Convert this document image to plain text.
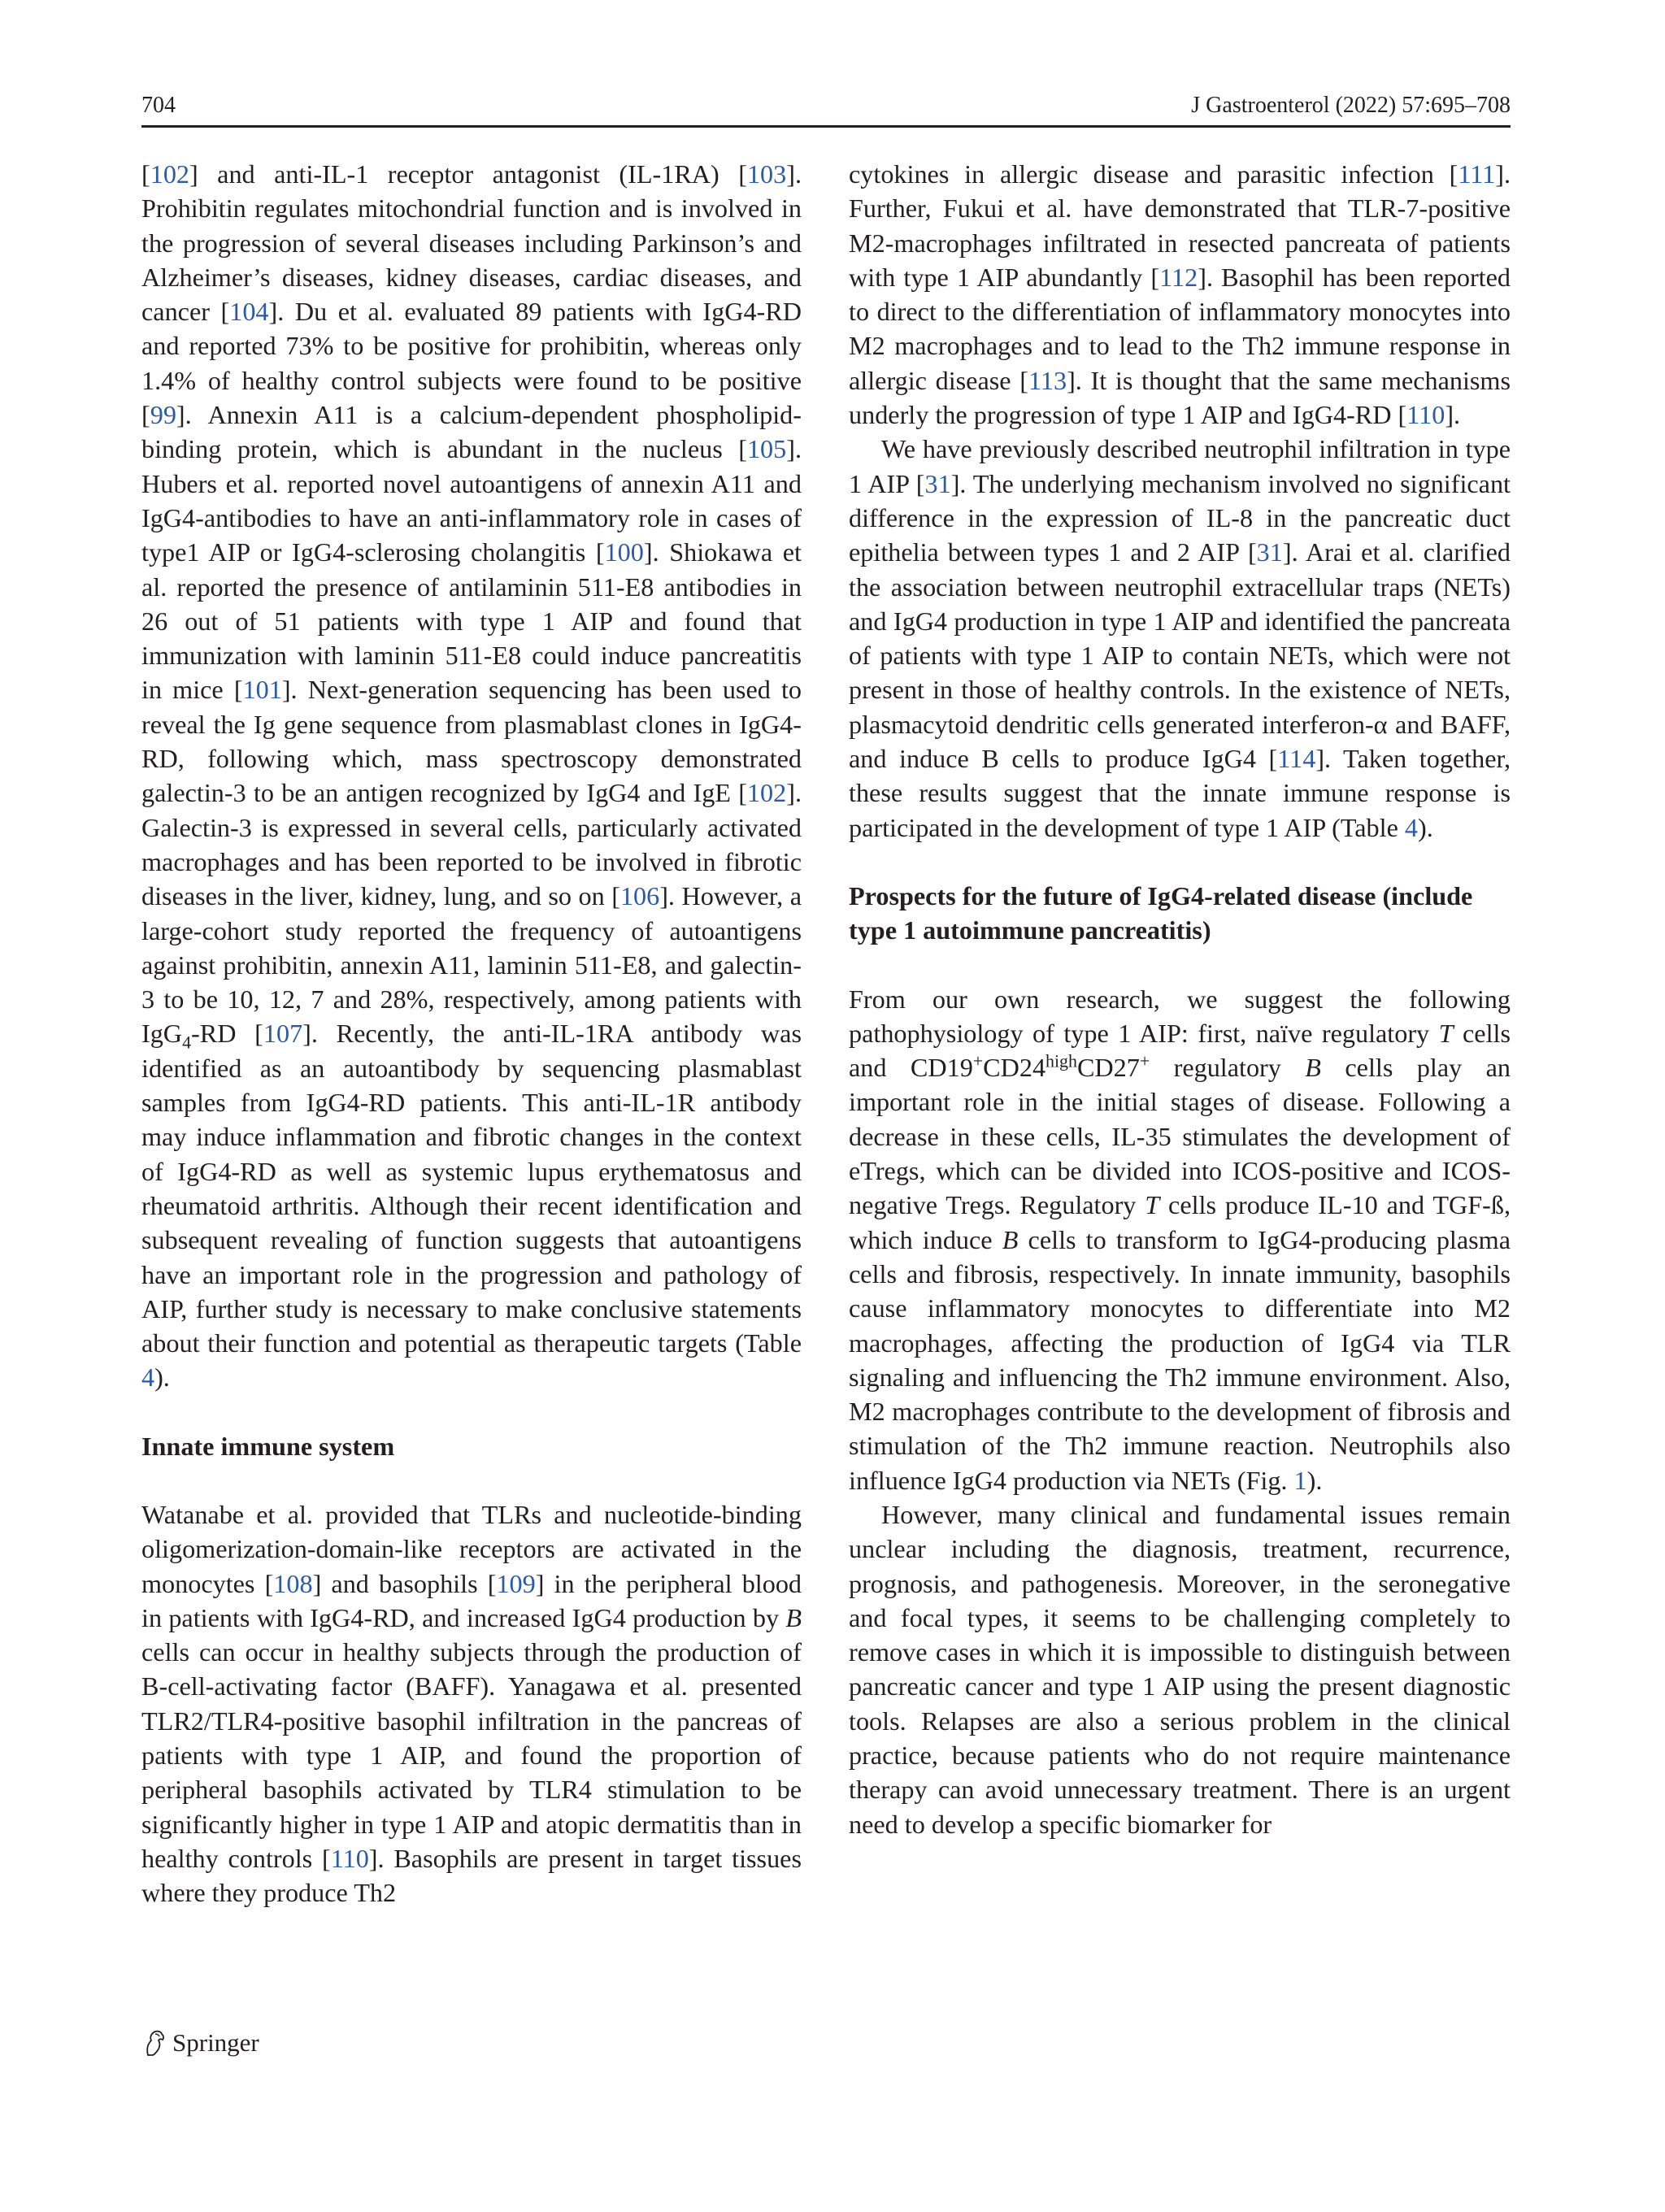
704	J Gastroenterol (2022) 57:695–708

[102] and anti-IL-1 receptor antagonist (IL-1RA) [103]. Prohibitin regulates mitochondrial function and is involved in the progression of several diseases including Parkinson’s and Alzheimer’s diseases, kidney diseases, cardiac diseases, and cancer [104]. Du et al. evaluated 89 patients with IgG4-RD and reported 73% to be positive for prohibitin, whereas only 1.4% of healthy control subjects were found to be positive [99]. Annexin A11 is a calcium-dependent phospholipid-binding protein, which is abundant in the nucleus [105]. Hubers et al. reported novel autoantigens of annexin A11 and IgG4-antibodies to have an anti-inflammatory role in cases of type1 AIP or IgG4-sclerosing cholangitis [100]. Shiokawa et al. reported the presence of antilaminin 511-E8 antibodies in 26 out of 51 patients with type 1 AIP and found that immunization with laminin 511-E8 could induce pancreatitis in mice [101]. Next-generation sequencing has been used to reveal the Ig gene sequence from plasmablast clones in IgG4-RD, following which, mass spectroscopy demonstrated galectin-3 to be an antigen recognized by IgG4 and IgE [102]. Galectin-3 is expressed in several cells, particularly activated macrophages and has been reported to be involved in fibrotic diseases in the liver, kidney, lung, and so on [106]. However, a large-cohort study reported the frequency of autoantigens against prohibitin, annexin A11, laminin 511-E8, and galectin-3 to be 10, 12, 7 and 28%, respectively, among patients with IgG$_4$-RD [107]. Recently, the anti-IL-1RA antibody was identified as an autoantibody by sequencing plasmablast samples from IgG4-RD patients. This anti-IL-1R antibody may induce inflammation and fibrotic changes in the context of IgG4-RD as well as systemic lupus erythematosus and rheumatoid arthritis. Although their recent identification and subsequent revealing of function suggests that autoantigens have an important role in the progression and pathology of AIP, further study is necessary to make conclusive statements about their function and potential as therapeutic targets (Table 4).

Innate immune system

Watanabe et al. provided that TLRs and nucleotide-binding oligomerization-domain-like receptors are activated in the monocytes [108] and basophils [109] in the peripheral blood in patients with IgG4-RD, and increased IgG4 production by B cells can occur in healthy subjects through the production of B-cell-activating factor (BAFF). Yanagawa et al. presented TLR2/TLR4-positive basophil infiltration in the pancreas of patients with type 1 AIP, and found the proportion of peripheral basophils activated by TLR4 stimulation to be significantly higher in type 1 AIP and atopic dermatitis than in healthy controls [110]. Basophils are present in target tissues where they produce Th2

cytokines in allergic disease and parasitic infection [111]. Further, Fukui et al. have demonstrated that TLR-7-positive M2-macrophages infiltrated in resected pancreata of patients with type 1 AIP abundantly [112]. Basophil has been reported to direct to the differentiation of inflammatory monocytes into M2 macrophages and to lead to the Th2 immune response in allergic disease [113]. It is thought that the same mechanisms underly the progression of type 1 AIP and IgG4-RD [110].

We have previously described neutrophil infiltration in type 1 AIP [31]. The underlying mechanism involved no significant difference in the expression of IL-8 in the pancreatic duct epithelia between types 1 and 2 AIP [31]. Arai et al. clarified the association between neutrophil extracellular traps (NETs) and IgG4 production in type 1 AIP and identified the pancreata of patients with type 1 AIP to contain NETs, which were not present in those of healthy controls. In the existence of NETs, plasmacytoid dendritic cells generated interferon-α and BAFF, and induce B cells to produce IgG4 [114]. Taken together, these results suggest that the innate immune response is participated in the development of type 1 AIP (Table 4).

Prospects for the future of IgG4-related disease (include type 1 autoimmune pancreatitis)

From our own research, we suggest the following pathophysiology of type 1 AIP: first, naïve regulatory T cells and $CD19^+CD24^{high}CD27^+$ regulatory B cells play an important role in the initial stages of disease. Following a decrease in these cells, IL-35 stimulates the development of eTregs, which can be divided into ICOS-positive and ICOS-negative Tregs. Regulatory T cells produce IL-10 and TGF-ß, which induce B cells to transform to IgG4-producing plasma cells and fibrosis, respectively. In innate immunity, basophils cause inflammatory monocytes to differentiate into M2 macrophages, affecting the production of IgG4 via TLR signaling and influencing the Th2 immune environment. Also, M2 macrophages contribute to the development of fibrosis and stimulation of the Th2 immune reaction. Neutrophils also influence IgG4 production via NETs (Fig. 1).

However, many clinical and fundamental issues remain unclear including the diagnosis, treatment, recurrence, prognosis, and pathogenesis. Moreover, in the seronegative and focal types, it seems to be challenging completely to remove cases in which it is impossible to distinguish between pancreatic cancer and type 1 AIP using the present diagnostic tools. Relapses are also a serious problem in the clinical practice, because patients who do not require maintenance therapy can avoid unnecessary treatment. There is an urgent need to develop a specific biomarker for

Springer
